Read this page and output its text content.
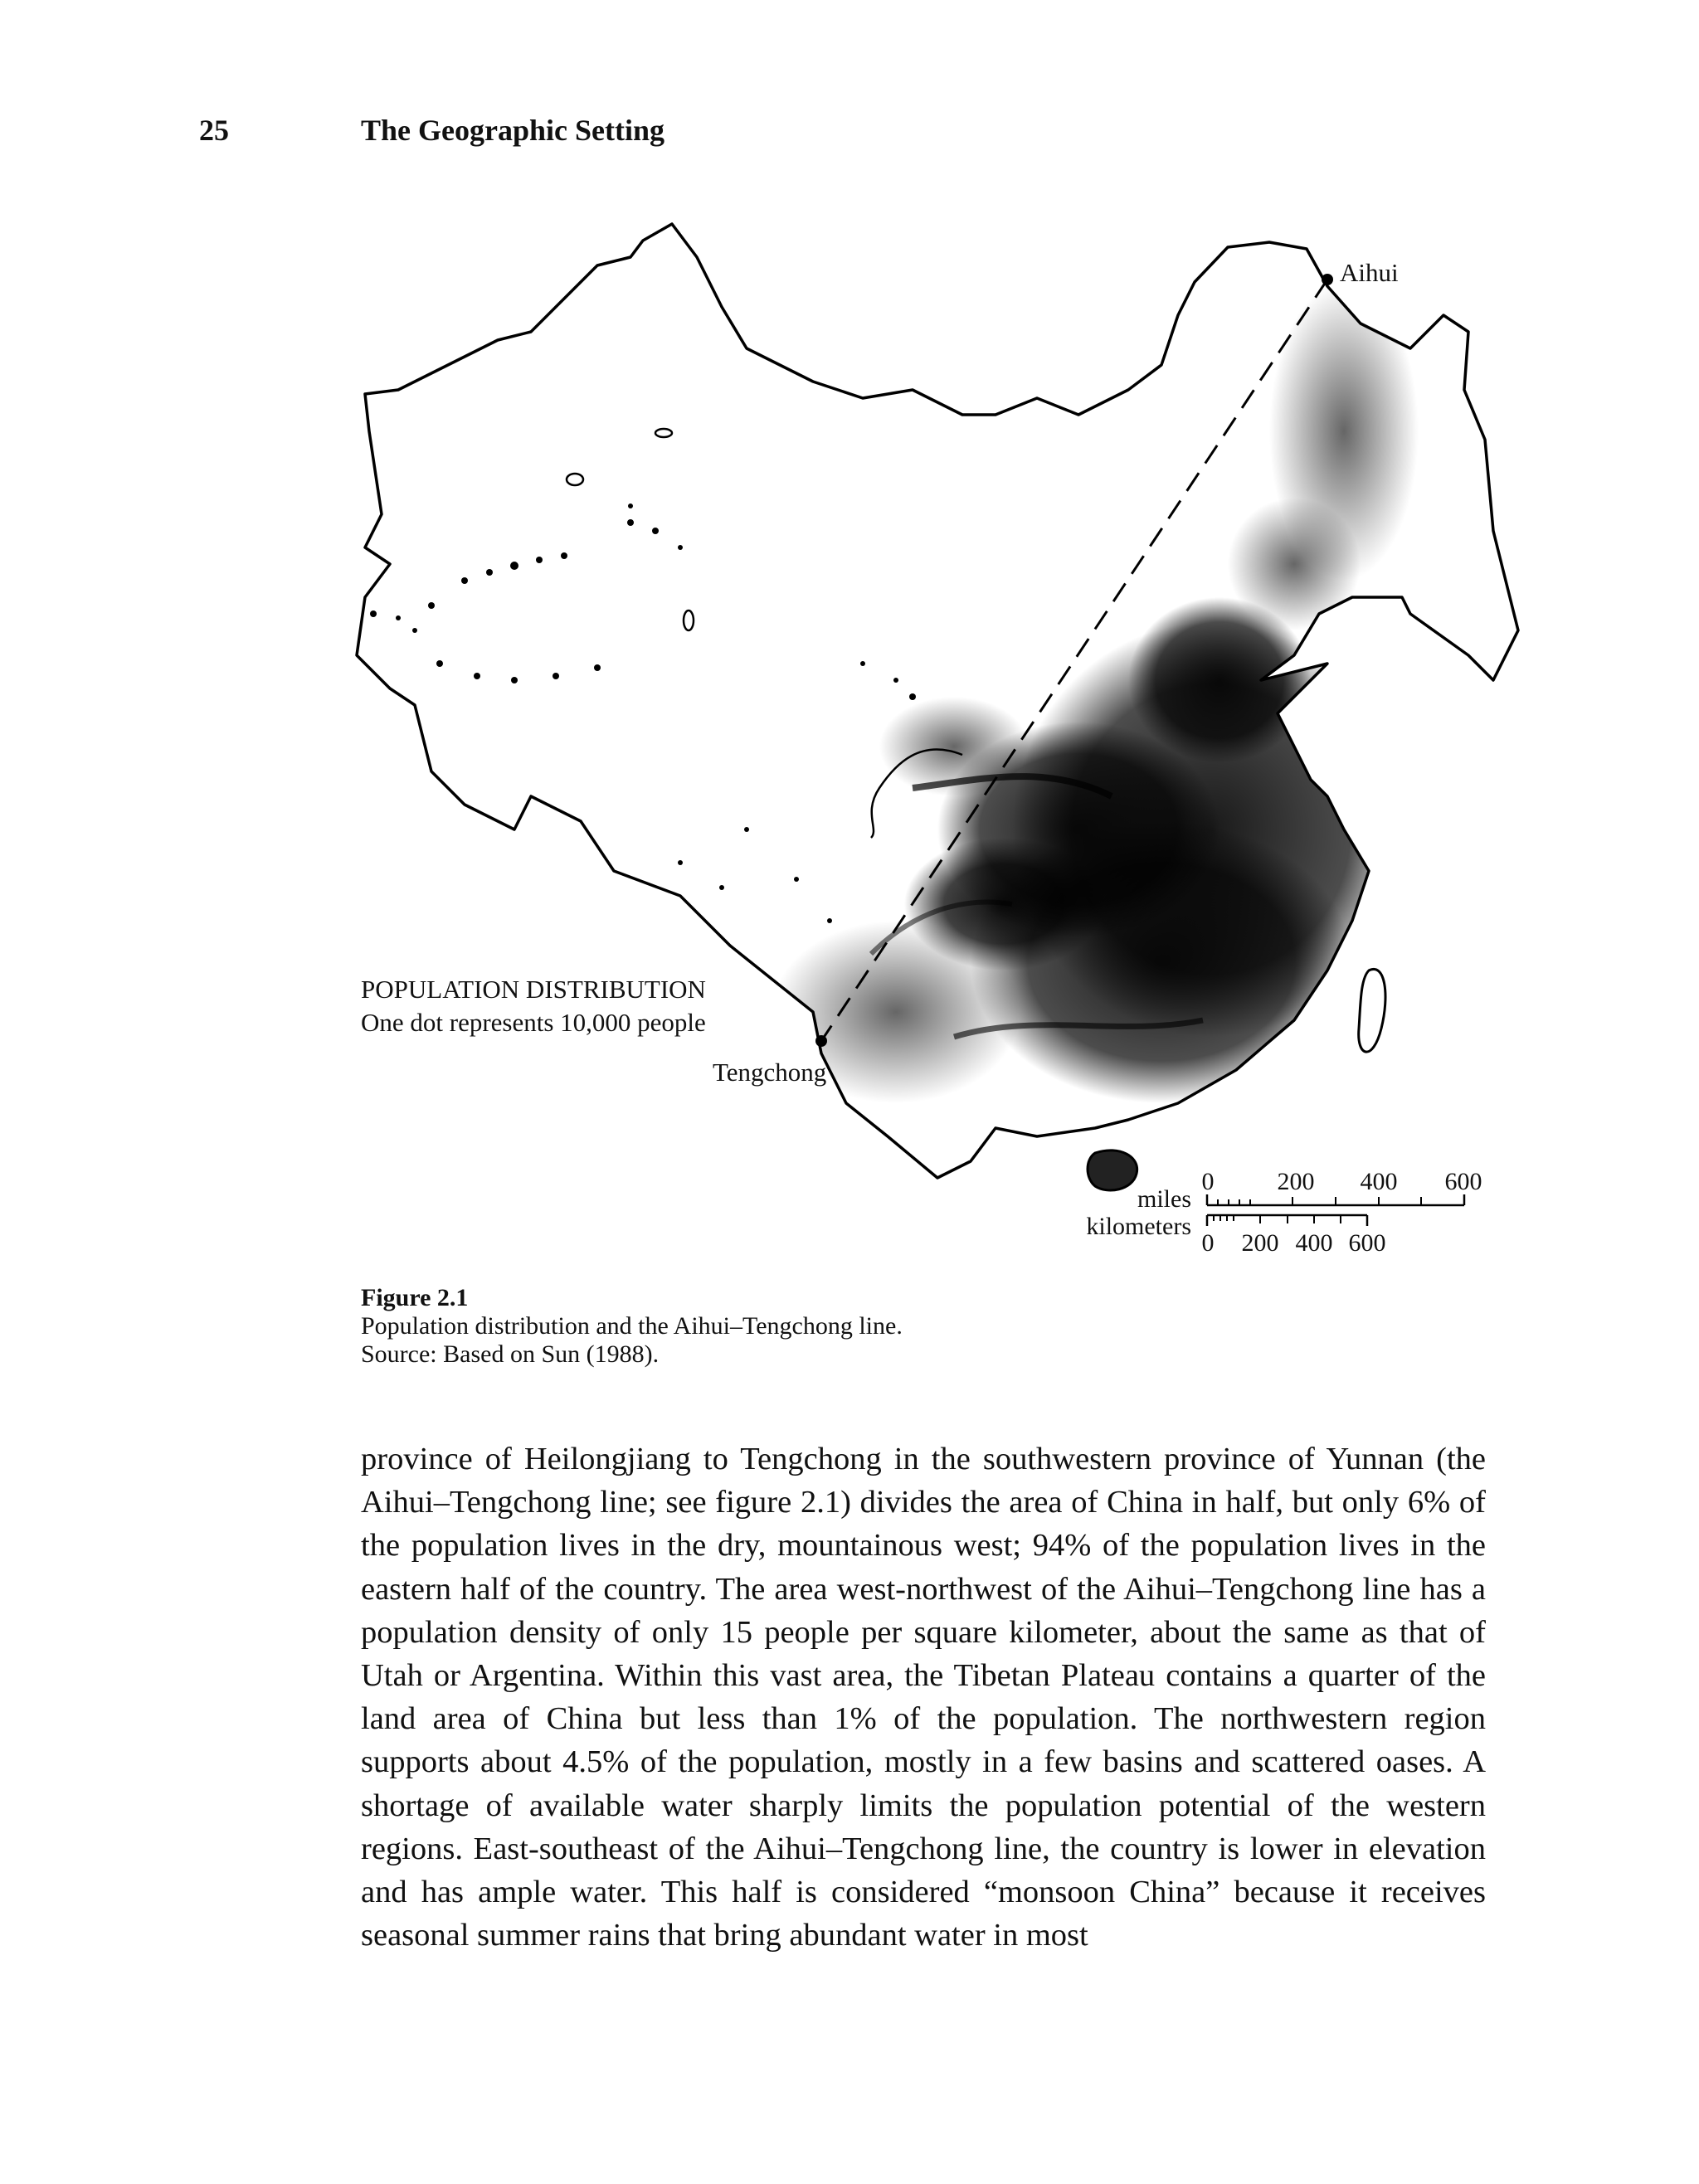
25	The Geographic Setting
miles
kilometers
0	200 400 600
0 200 400 600
Aihui
Tengchong
POPULATION DISTRIBUTION
One dot represents 10,000 people
Figure 2.1
Population distribution and the Aihui–Tengchong line.
Source: Based on Sun (1988).

province of Heilongjiang to Tengchong in the southwestern province of Yunnan (the Aihui–Tengchong line; see figure 2.1) divides the area of China in half, but only 6% of the population lives in the dry, mountainous west; 94% of the population lives in the eastern half of the country. The area west-northwest of the Aihui–Tengchong line has a population density of only 15 people per square kilometer, about the same as that of Utah or Argentina. Within this vast area, the Tibetan Plateau contains a quarter of the land area of China but less than 1% of the population. The northwestern region supports about 4.5% of the population, mostly in a few basins and scattered oases. A shortage of available water sharply limits the population potential of the western regions. East-southeast of the Aihui–Tengchong line, the country is lower in elevation and has ample water. This half is considered “monsoon China” because it receives seasonal summer rains that bring abundant water in most
